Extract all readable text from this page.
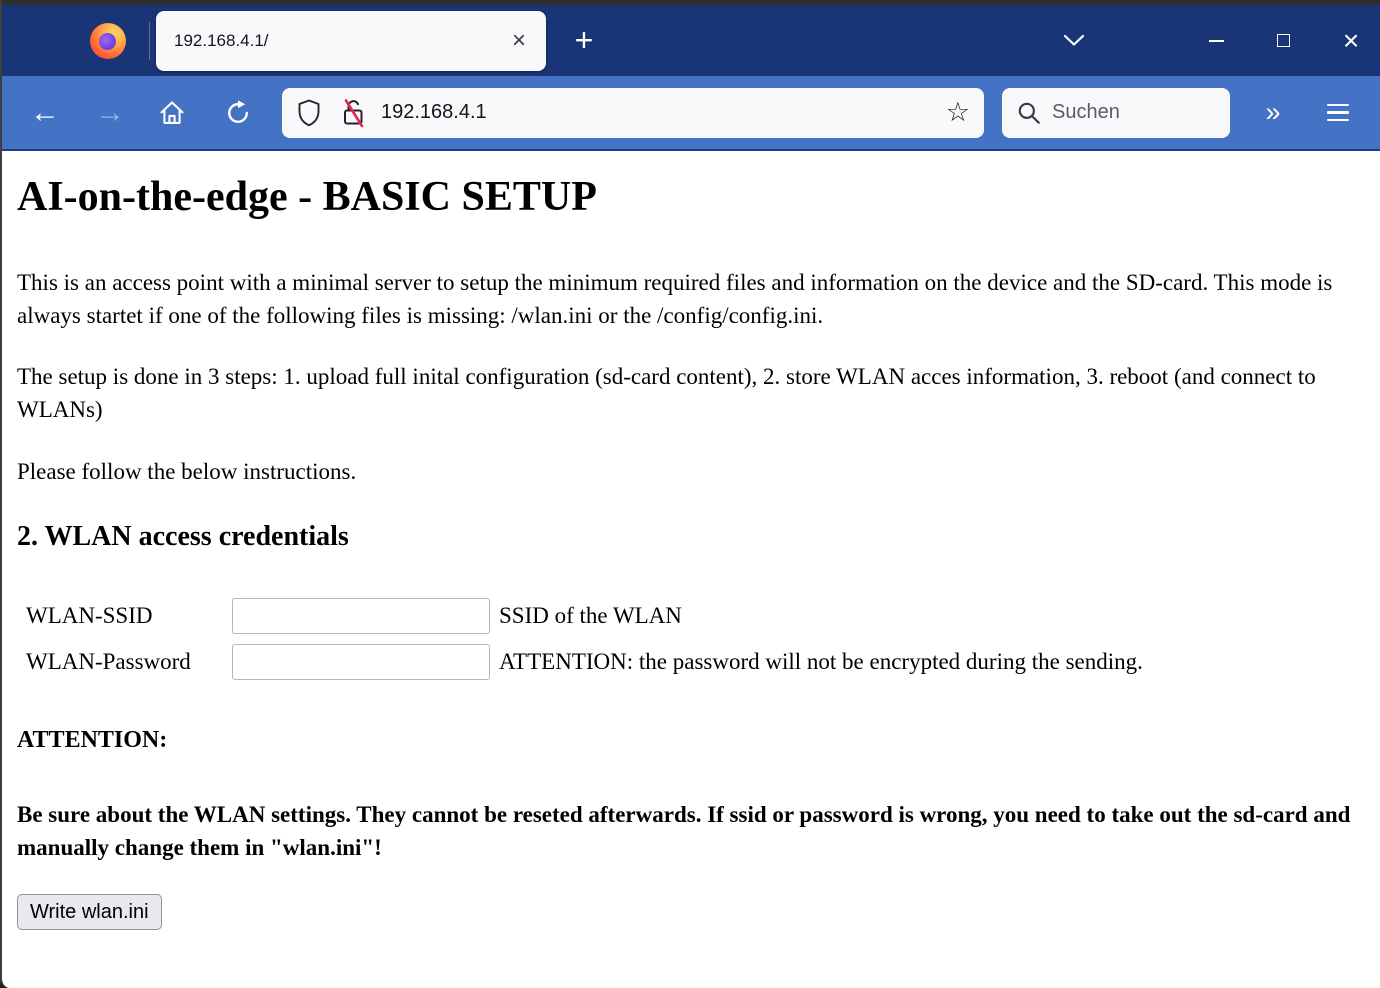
192.168.4.1/	×	+	×
← →	192.168.4.1	☆
Suchen	»
AI-on-the-edge - BASIC SETUP

This is an access point with a minimal server to setup the minimum required files and information on the device and the SD-card. This mode is always startet if one of the following files is missing: /wlan.ini or the /config/config.ini.

The setup is done in 3 steps: 1. upload full inital configuration (sd-card content), 2. store WLAN acces information, 3. reboot (and connect to WLANs)

Please follow the below instructions.

2. WLAN access credentials
WLAN-SSID	SSID of the WLAN
WLAN-Password	ATTENTION: the password will not be encrypted during the sending.
ATTENTION:

Be sure about the WLAN settings. They cannot be reseted afterwards. If ssid or password is wrong, you need to take out the sd-card and manually change them in "wlan.ini"!

Write wlan.ini
